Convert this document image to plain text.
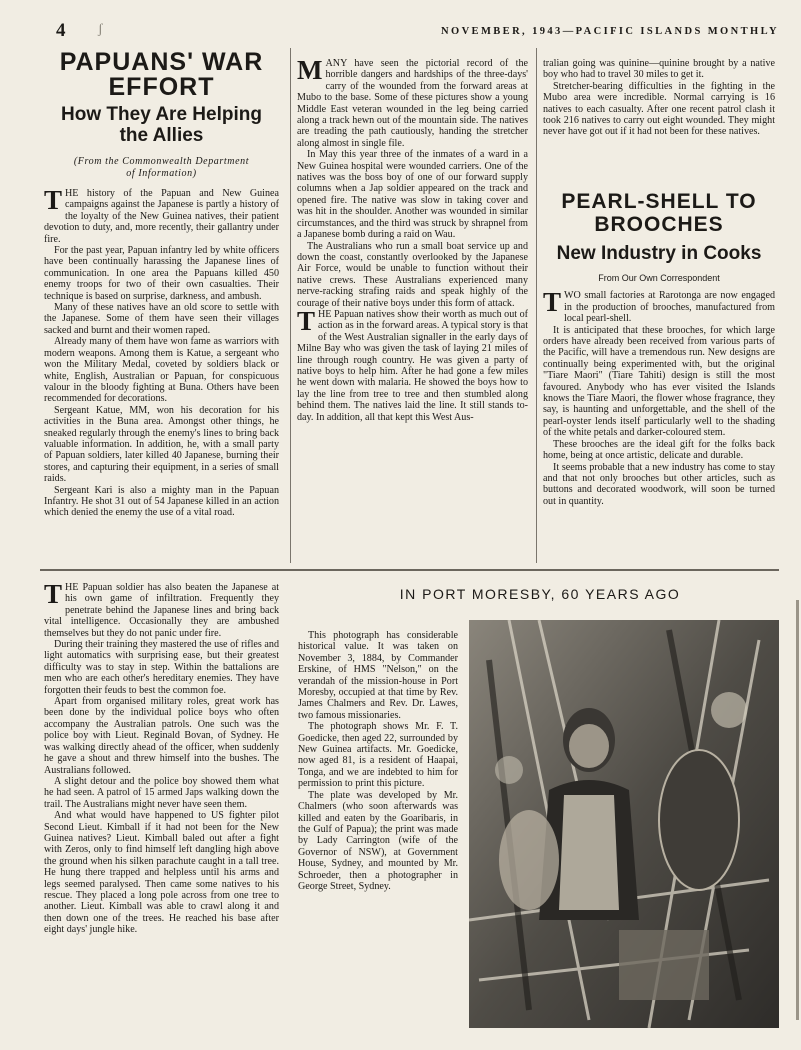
4 ʃ	NOVEMBER, 1943—PACIFIC ISLANDS MONTHLY
PAPUANS' WAR
EFFORT
How They Are Helping
the Allies
(From the Commonwealth Department
of Information)

THE history of the Papuan and New Guinea campaigns against the Japanese is partly a history of the loyalty of the New Guinea natives, their patient devotion to duty, and, more recently, their gallantry under fire.

For the past year, Papuan infantry led by white officers have been continually harassing the Japanese lines of communication. In one area the Papuans killed 450 enemy troops for two of their own casualties. Their technique is based on surprise, darkness, and ambush.

Many of these natives have an old score to settle with the Japanese. Some of them have seen their villages sacked and burnt and their women raped.

Already many of them have won fame as warriors with modern weapons. Among them is Katue, a sergeant who won the Military Medal, coveted by soldiers black or white, English, Australian or Papuan, for conspicuous valour in the bloody fighting at Buna. Others have been recommended for decorations.

Sergeant Katue, MM, won his decoration for his activities in the Buna area. Amongst other things, he sneaked regularly through the enemy's lines to bring back valuable information. In addition, he, with a small party of Papuan soldiers, later killed 40 Japanese, burning their stores, and capturing their equipment, in a series of small raids.

Sergeant Kari is also a mighty man in the Papuan Infantry. He shot 31 out of 54 Japanese killed in an action which denied the enemy the use of a vital road.

MANY have seen the pictorial record of the horrible dangers and hardships of the three-days' carry of the wounded from the forward areas at Mubo to the base. Some of these pictures show a young Middle East veteran wounded in the leg being carried along a track hewn out of the mountain side. The natives are treading the path cautiously, handing the stretcher along almost in single file.

In May this year three of the inmates of a ward in a New Guinea hospital were wounded carriers. One of the natives was the boss boy of one of our forward supply columns when a Jap soldier appeared on the track and opened fire. The native was slow in taking cover and was hit in the shoulder. Another was wounded in similar circumstances, and the third was struck by shrapnel from a Japanese bomb during a raid on Wau.

The Australians who run a small boat service up and down the coast, constantly overlooked by the Japanese Air Force, would be unable to function without their native crews. These Australians experienced many nerve-racking strafing raids and speak highly of the courage of their native boys under this form of attack.

THE Papuan natives show their worth as much out of action as in the forward areas. A typical story is that of the West Australian signaller in the early days of Milne Bay who was given the task of laying 21 miles of line through rough country. He was given a party of native boys to help him. After he had gone a few miles he went down with malaria. He showed the boys how to lay the line from tree to tree and then stumbled along behind them. The natives laid the line. It still stands to-day. In addition, all that kept this West Aus-

tralian going was quinine—quinine brought by a native boy who had to travel 30 miles to get it.

Stretcher-bearing difficulties in the fighting in the Mubo area were incredible. Normal carrying is 16 natives to each casualty. After one recent patrol clash it took 216 natives to carry out eight wounded. They might never have got out if it had not been for these natives.

PEARL-SHELL TO
BROOCHES
New Industry in Cooks
From Our Own Correspondent

TWO small factories at Rarotonga are now engaged in the production of brooches, manufactured from local pearl-shell.

It is anticipated that these brooches, for which large orders have already been received from various parts of the Pacific, will have a tremendous run. New designs are continually being experimented with, but the original "Tiare Maori" (Tiare Tahiti) design is still the most favoured. Anybody who has ever visited the Islands knows the Tiare Maori, the flower whose fragrance, they say, is haunting and unforgettable, and the shell of the pearl-oyster lends itself particularly well to the shading of the white petals and darker-coloured stem.

These brooches are the ideal gift for the folks back home, being at once artistic, delicate and durable.

It seems probable that a new industry has come to stay and that not only brooches but other articles, such as buttons and decorated woodwork, will soon be turned out in quantity.

THE Papuan soldier has also beaten the Japanese at his own game of infiltration. Frequently they penetrate behind the Japanese lines and bring back vital intelligence. Occasionally they are ambushed themselves but they do not panic under fire.

During their training they mastered the use of rifles and light automatics with surprising ease, but their greatest difficulty was to stay in step. Within the battalions are men who are each other's hereditary enemies. They have forgotten their feuds to best the common foe.

Apart from organised military roles, great work has been done by the individual police boys who often accompany the Australian patrols. One such was the police boy with Lieut. Reginald Bovan, of Sydney. He was walking directly ahead of the officer, when suddenly he gave a shout and threw himself into the bushes. The Australians followed.

A slight detour and the police boy showed them what he had seen. A patrol of 15 armed Japs walking down the trail. The Australians might never have seen them.

And what would have happened to US fighter pilot Second Lieut. Kimball if it had not been for the New Guinea natives? Lieut. Kimball baled out after a fight with Zeros, only to find himself left dangling high above the ground when his silken parachute caught in a tall tree. He hung there trapped and helpless until his arms and legs seemed paralysed. Then came some natives to his rescue. They placed a long pole across from one tree to another. Lieut. Kimball was able to crawl along it and then down one of the trees. He reached his base after eight days' jungle hike.

IN PORT MORESBY, 60 YEARS AGO

This photograph has considerable historical value. It was taken on November 3, 1884, by Commander Erskine, of HMS "Nelson," on the verandah of the mission-house in Port Moresby, occupied at that time by Rev. James Chalmers and Rev. Dr. Lawes, two famous missionaries.

The photograph shows Mr. F. T. Goedicke, then aged 22, surrounded by New Guinea artifacts. Mr. Goedicke, now aged 81, is a resident of Haapai, Tonga, and we are indebted to him for permission to print this picture.

The plate was developed by Mr. Chalmers (who soon afterwards was killed and eaten by the Goaribaris, in the Gulf of Papua); the print was made by Lady Carrington (wife of the Governor of NSW), at Government House, Sydney, and mounted by Mr. Schroeder, then a photographer in George Street, Sydney.
